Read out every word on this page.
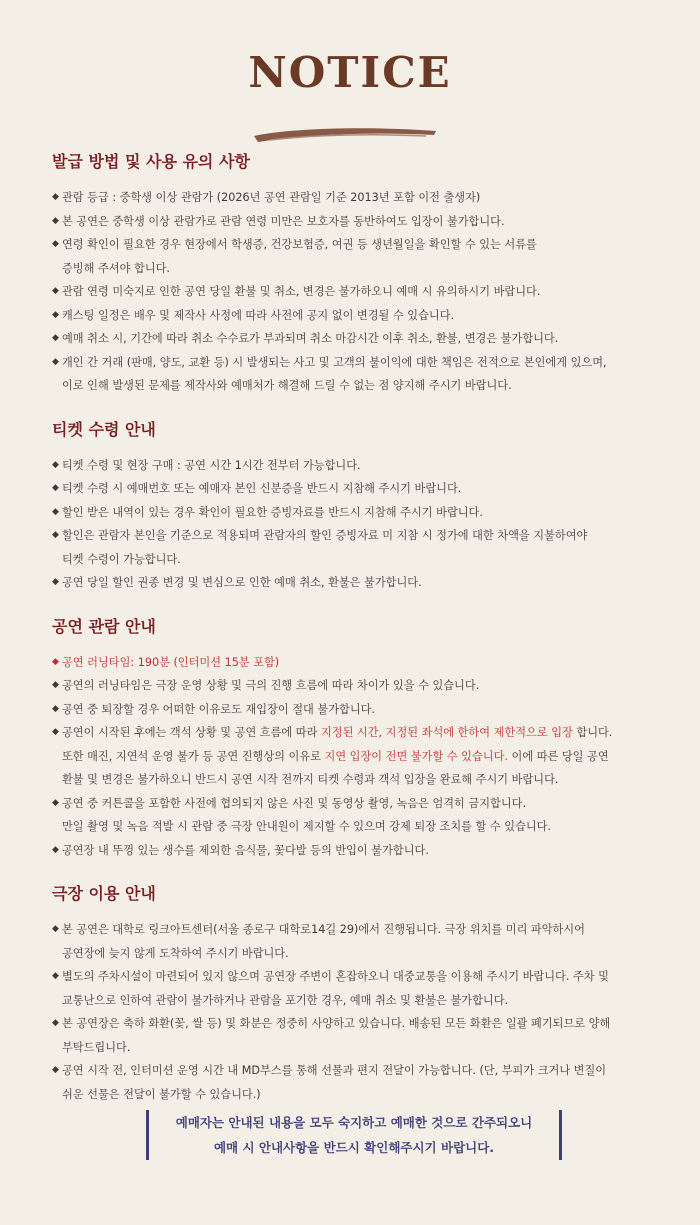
NOTICE
발급 방법 및 사용 유의 사항
◆ 관람 등급 : 중학생 이상 관람가 (2026년 공연 관람일 기준 2013년 포함 이전 출생자)
◆ 본 공연은 중학생 이상 관람가로 관람 연령 미만은 보호자를 동반하여도 입장이 불가합니다.
◆ 연령 확인이 필요한 경우 현장에서 학생증, 건강보험증, 여권 등 생년월일을 확인할 수 있는 서류를
증빙해 주셔야 합니다.
◆ 관람 연령 미숙지로 인한 공연 당일 환불 및 취소, 변경은 불가하오니 예매 시 유의하시기 바랍니다.
◆ 캐스팅 일정은 배우 및 제작사 사정에 따라 사전에 공지 없이 변경될 수 있습니다.
◆ 예매 취소 시, 기간에 따라 취소 수수료가 부과되며 취소 마감시간 이후 취소, 환불, 변경은 불가합니다.
◆ 개인 간 거래 (판매, 양도, 교환 등) 시 발생되는 사고 및 고객의 불이익에 대한 책임은 전적으로 본인에게 있으며,
이로 인해 발생된 문제를 제작사와 예매처가 해결해 드릴 수 없는 점 양지해 주시기 바랍니다.
티켓 수령 안내
◆ 티켓 수령 및 현장 구매 : 공연 시간 1시간 전부터 가능합니다.
◆ 티켓 수령 시 예매번호 또는 예매자 본인 신분증을 반드시 지참해 주시기 바랍니다.
◆ 할인 받은 내역이 있는 경우 확인이 필요한 증빙자료를 반드시 지참해 주시기 바랍니다.
◆ 할인은 관람자 본인을 기준으로 적용되며 관람자의 할인 증빙자료 미 지참 시 정가에 대한 차액을 지불하여야
티켓 수령이 가능합니다.
◆ 공연 당일 할인 권종 변경 및 변심으로 인한 예매 취소, 환불은 불가합니다.
공연 관람 안내
◆ 공연 러닝타임: 190분 (인터미션 15분 포함)
◆ 공연의 러닝타임은 극장 운영 상황 및 극의 진행 흐름에 따라 차이가 있을 수 있습니다.
◆ 공연 중 퇴장할 경우 어떠한 이유로도 재입장이 절대 불가합니다.
◆ 공연이 시작된 후에는 객석 상황 및 공연 흐름에 따라 지정된 시간, 지정된 좌석에 한하여 제한적으로 입장 합니다.
또한 매진, 지연석 운영 불가 등 공연 진행상의 이유로 지연 입장이 전면 불가할 수 있습니다. 이에 따른 당일 공연
환불 및 변경은 불가하오니 반드시 공연 시작 전까지 티켓 수령과 객석 입장을 완료해 주시기 바랍니다.
◆ 공연 중 커튼콜을 포함한 사전에 협의되지 않은 사진 및 동영상 촬영, 녹음은 엄격히 금지합니다.
만일 촬영 및 녹음 적발 시 관람 중 극장 안내원이 제지할 수 있으며 강제 퇴장 조치를 할 수 있습니다.
◆ 공연장 내 뚜껑 있는 생수를 제외한 음식물, 꽃다발 등의 반입이 불가합니다.
극장 이용 안내
◆ 본 공연은 대학로 링크아트센터(서울 종로구 대학로14길 29)에서 진행됩니다. 극장 위치를 미리 파악하시어
공연장에 늦지 않게 도착하여 주시기 바랍니다.
◆ 별도의 주차시설이 마련되어 있지 않으며 공연장 주변이 혼잡하오니 대중교통을 이용해 주시기 바랍니다. 주차 및
교통난으로 인하여 관람이 불가하거나 관람을 포기한 경우, 예매 취소 및 환불은 불가합니다.
◆ 본 공연장은 축하 화환(꽃, 쌀 등) 및 화분은 정중히 사양하고 있습니다. 배송된 모든 화환은 일괄 폐기되므로 양해
부탁드립니다.
◆ 공연 시작 전, 인터미션 운영 시간 내 MD부스를 통해 선물과 편지 전달이 가능합니다. (단, 부피가 크거나 변질이
쉬운 선물은 전달이 불가할 수 있습니다.)
예매자는 안내된 내용을 모두 숙지하고 예매한 것으로 간주되오니
예매 시 안내사항을 반드시 확인해주시기 바랍니다.
